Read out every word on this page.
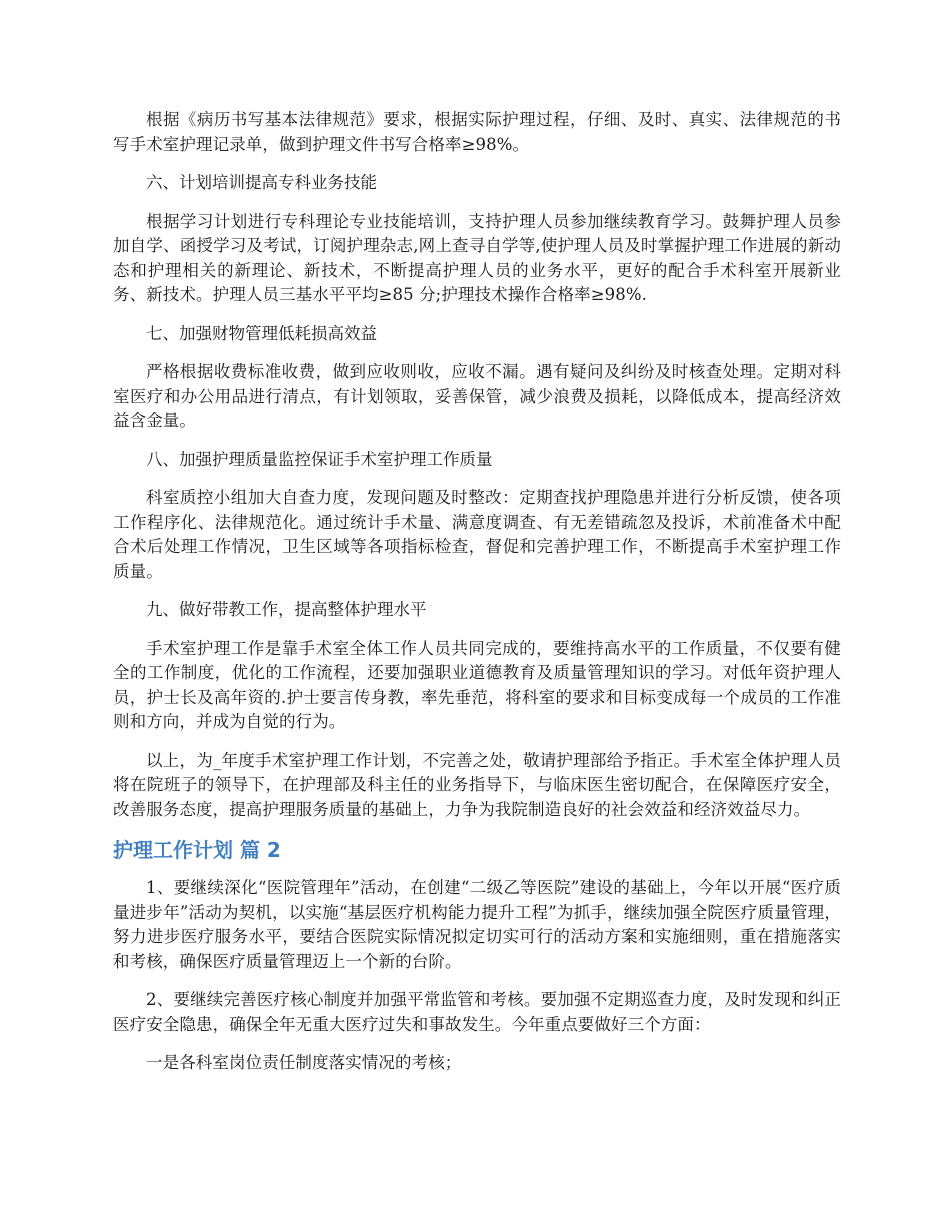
根据《病历书写基本法律规范》要求，根据实际护理过程，仔细、及时、真实、法律规范的书写手术室护理记录单，做到护理文件书写合格率≥98%。

六、计划培训提高专科业务技能

根据学习计划进行专科理论专业技能培训，支持护理人员参加继续教育学习。鼓舞护理人员参加自学、函授学习及考试，订阅护理杂志,网上查寻自学等,使护理人员及时掌握护理工作进展的新动态和护理相关的新理论、新技术，不断提高护理人员的业务水平，更好的配合手术科室开展新业务、新技术。护理人员三基水平平均≥85 分;护理技术操作合格率≥98%.

七、加强财物管理低耗损高效益

严格根据收费标准收费，做到应收则收，应收不漏。遇有疑问及纠纷及时核查处理。定期对科室医疗和办公用品进行清点，有计划领取，妥善保管，减少浪费及损耗，以降低成本，提高经济效益含金量。

八、加强护理质量监控保证手术室护理工作质量

科室质控小组加大自查力度，发现问题及时整改：定期查找护理隐患并进行分析反馈，使各项工作程序化、法律规范化。通过统计手术量、满意度调查、有无差错疏忽及投诉，术前准备术中配合术后处理工作情况，卫生区域等各项指标检查，督促和完善护理工作，不断提高手术室护理工作质量。

九、做好带教工作，提高整体护理水平

手术室护理工作是靠手术室全体工作人员共同完成的，要维持高水平的工作质量，不仅要有健全的工作制度，优化的工作流程，还要加强职业道德教育及质量管理知识的学习。对低年资护理人员，护士长及高年资的.护士要言传身教，率先垂范，将科室的要求和目标变成每一个成员的工作准则和方向，并成为自觉的行为。

以上，为_年度手术室护理工作计划，不完善之处，敬请护理部给予指正。手术室全体护理人员将在院班子的领导下，在护理部及科主任的业务指导下，与临床医生密切配合，在保障医疗安全，改善服务态度，提高护理服务质量的基础上，力争为我院制造良好的社会效益和经济效益尽力。

护理工作计划 篇 2

1、要继续深化“医院管理年”活动，在创建“二级乙等医院”建设的基础上，今年以开展“医疗质量进步年”活动为契机，以实施“基层医疗机构能力提升工程”为抓手，继续加强全院医疗质量管理，努力进步医疗服务水平，要结合医院实际情况拟定切实可行的活动方案和实施细则，重在措施落实和考核，确保医疗质量管理迈上一个新的台阶。

2、要继续完善医疗核心制度并加强平常监管和考核。要加强不定期巡查力度，及时发现和纠正医疗安全隐患，确保全年无重大医疗过失和事故发生。今年重点要做好三个方面：

一是各科室岗位责任制度落实情况的考核；
